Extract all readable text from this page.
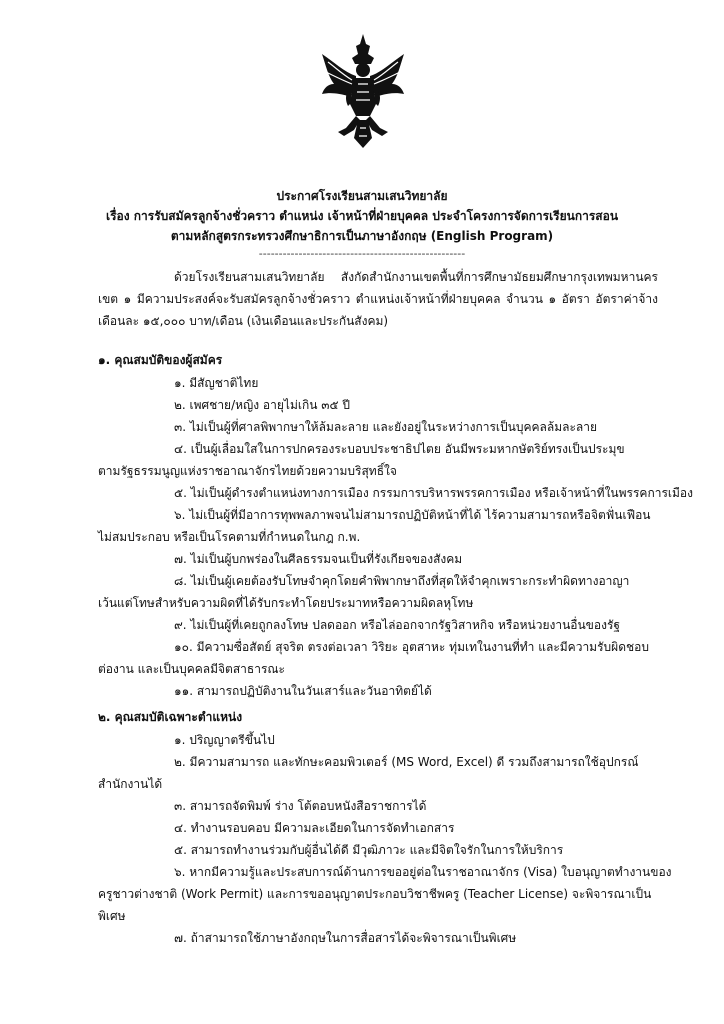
ประกาศโรงเรียนสามเสนวิทยาลัย
เรื่อง การรับสมัครลูกจ้างชั่วคราว ตำแหน่ง เจ้าหน้าที่ฝ่ายบุคคล ประจำโครงการจัดการเรียนการสอน
ตามหลักสูตรกระทรวงศึกษาธิการเป็นภาษาอังกฤษ (English Program)
----------------------------------------------------

ด้วยโรงเรียนสามเสนวิทยาลัย สังกัดสำนักงานเขตพื้นที่การศึกษามัธยมศึกษากรุงเทพมหานคร เขต ๑ มีความประสงค์จะรับสมัครลูกจ้างชั่วคราว ตำแหน่งเจ้าหน้าที่ฝ่ายบุคคล จำนวน ๑ อัตรา อัตราค่าจ้างเดือนละ ๑๕,๐๐๐ บาท/เดือน (เงินเดือนและประกันสังคม)

๑. คุณสมบัติของผู้สมัคร
๑. มีสัญชาติไทย
๒. เพศชาย/หญิง อายุไม่เกิน ๓๕ ปี
๓. ไม่เป็นผู้ที่ศาลพิพากษาให้ล้มละลาย และยังอยู่ในระหว่างการเป็นบุคคลล้มละลาย
๔. เป็นผู้เลื่อมใสในการปกครองระบอบประชาธิปไตย อันมีพระมหากษัตริย์ทรงเป็นประมุข
ตามรัฐธรรมนูญแห่งราชอาณาจักรไทยด้วยความบริสุทธิ์ใจ
๕. ไม่เป็นผู้ดำรงตำแหน่งทางการเมือง กรรมการบริหารพรรคการเมือง หรือเจ้าหน้าที่ในพรรคการเมือง
๖. ไม่เป็นผู้ที่มีอาการทุพพลภาพจนไม่สามารถปฏิบัติหน้าที่ได้ ไร้ความสามารถหรือจิตฟั่นเฟือน
ไม่สมประกอบ หรือเป็นโรคตามที่กำหนดในกฎ ก.พ.
๗. ไม่เป็นผู้บกพร่องในศีลธรรมจนเป็นที่รังเกียจของสังคม
๘. ไม่เป็นผู้เคยต้องรับโทษจำคุกโดยคำพิพากษาถึงที่สุดให้จำคุกเพราะกระทำผิดทางอาญา
เว้นแต่โทษสำหรับความผิดที่ได้รับกระทำโดยประมาทหรือความผิดลหุโทษ
๙. ไม่เป็นผู้ที่เคยถูกลงโทษ ปลดออก หรือไล่ออกจากรัฐวิสาหกิจ หรือหน่วยงานอื่นของรัฐ
๑๐. มีความซื่อสัตย์ สุจริต ตรงต่อเวลา วิริยะ อุตสาหะ ทุ่มเทในงานที่ทำ และมีความรับผิดชอบ
ต่องาน และเป็นบุคคลมีจิตสาธารณะ
๑๑. สามารถปฏิบัติงานในวันเสาร์และวันอาทิตย์ได้
๒. คุณสมบัติเฉพาะตำแหน่ง
๑. ปริญญาตรีขึ้นไป
๒. มีความสามารถ และทักษะคอมพิวเตอร์ (MS Word, Excel) ดี รวมถึงสามารถใช้อุปกรณ์
สำนักงานได้
๓. สามารถจัดพิมพ์ ร่าง โต้ตอบหนังสือราชการได้
๔. ทำงานรอบคอบ มีความละเอียดในการจัดทำเอกสาร
๕. สามารถทำงานร่วมกับผู้อื่นได้ดี มีวุฒิภาวะ และมีจิตใจรักในการให้บริการ
๖. หากมีความรู้และประสบการณ์ด้านการขออยู่ต่อในราชอาณาจักร (Visa) ใบอนุญาตทำงานของ
ครูชาวต่างชาติ (Work Permit) และการขออนุญาตประกอบวิชาชีพครู (Teacher License) จะพิจารณาเป็นพิเศษ
๗. ถ้าสามารถใช้ภาษาอังกฤษในการสื่อสารได้จะพิจารณาเป็นพิเศษ
